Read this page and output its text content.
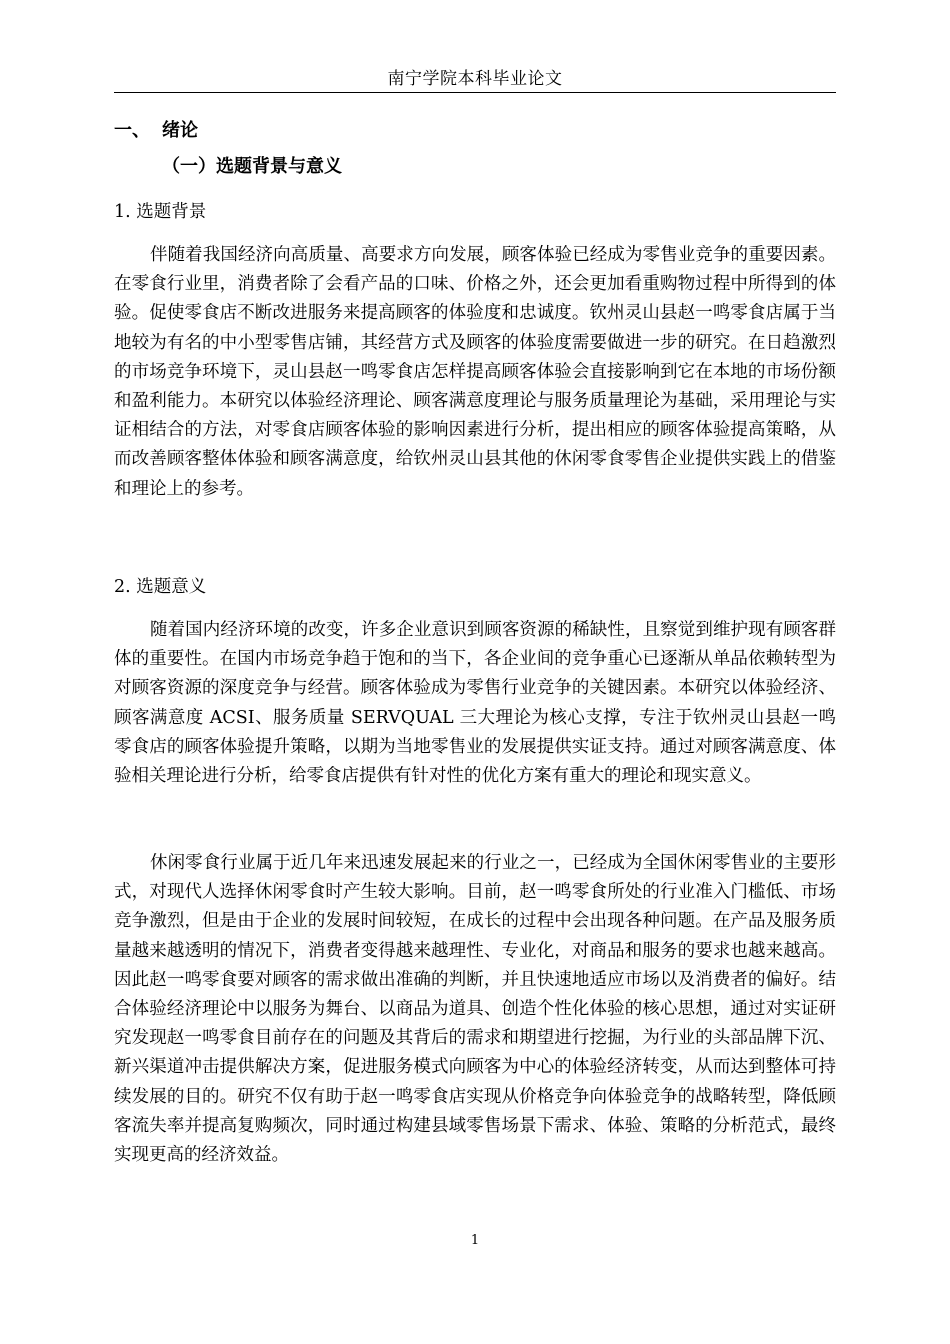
南宁学院本科毕业论文
一、 绪论
（一）选题背景与意义
1. 选题背景

伴随着我国经济向高质量、高要求方向发展，顾客体验已经成为零售业竞争的重要因素。在零食行业里，消费者除了会看产品的口味、价格之外，还会更加看重购物过程中所得到的体验。促使零食店不断改进服务来提高顾客的体验度和忠诚度。钦州灵山县赵一鸣零食店属于当地较为有名的中小型零售店铺，其经营方式及顾客的体验度需要做进一步的研究。在日趋激烈的市场竞争环境下，灵山县赵一鸣零食店怎样提高顾客体验会直接影响到它在本地的市场份额和盈利能力。本研究以体验经济理论、顾客满意度理论与服务质量理论为基础，采用理论与实证相结合的方法，对零食店顾客体验的影响因素进行分析，提出相应的顾客体验提高策略，从而改善顾客整体体验和顾客满意度，给钦州灵山县其他的休闲零食零售企业提供实践上的借鉴和理论上的参考。

2. 选题意义

随着国内经济环境的改变，许多企业意识到顾客资源的稀缺性，且察觉到维护现有顾客群体的重要性。在国内市场竞争趋于饱和的当下，各企业间的竞争重心已逐渐从单品依赖转型为对顾客资源的深度竞争与经营。顾客体验成为零售行业竞争的关键因素。本研究以体验经济、顾客满意度 ACSI、服务质量 SERVQUAL 三大理论为核心支撑，专注于钦州灵山县赵一鸣零食店的顾客体验提升策略，以期为当地零售业的发展提供实证支持。通过对顾客满意度、体验相关理论进行分析，给零食店提供有针对性的优化方案有重大的理论和现实意义。

休闲零食行业属于近几年来迅速发展起来的行业之一，已经成为全国休闲零售业的主要形式，对现代人选择休闲零食时产生较大影响。目前，赵一鸣零食所处的行业准入门槛低、市场竞争激烈，但是由于企业的发展时间较短，在成长的过程中会出现各种问题。在产品及服务质量越来越透明的情况下，消费者变得越来越理性、专业化，对商品和服务的要求也越来越高。因此赵一鸣零食要对顾客的需求做出准确的判断，并且快速地适应市场以及消费者的偏好。结合体验经济理论中以服务为舞台、以商品为道具、创造个性化体验的核心思想，通过对实证研究发现赵一鸣零食目前存在的问题及其背后的需求和期望进行挖掘，为行业的头部品牌下沉、新兴渠道冲击提供解决方案，促进服务模式向顾客为中心的体验经济转变，从而达到整体可持续发展的目的。研究不仅有助于赵一鸣零食店实现从价格竞争向体验竞争的战略转型，降低顾客流失率并提高复购频次，同时通过构建县域零售场景下需求、体验、策略的分析范式，最终实现更高的经济效益。

1
